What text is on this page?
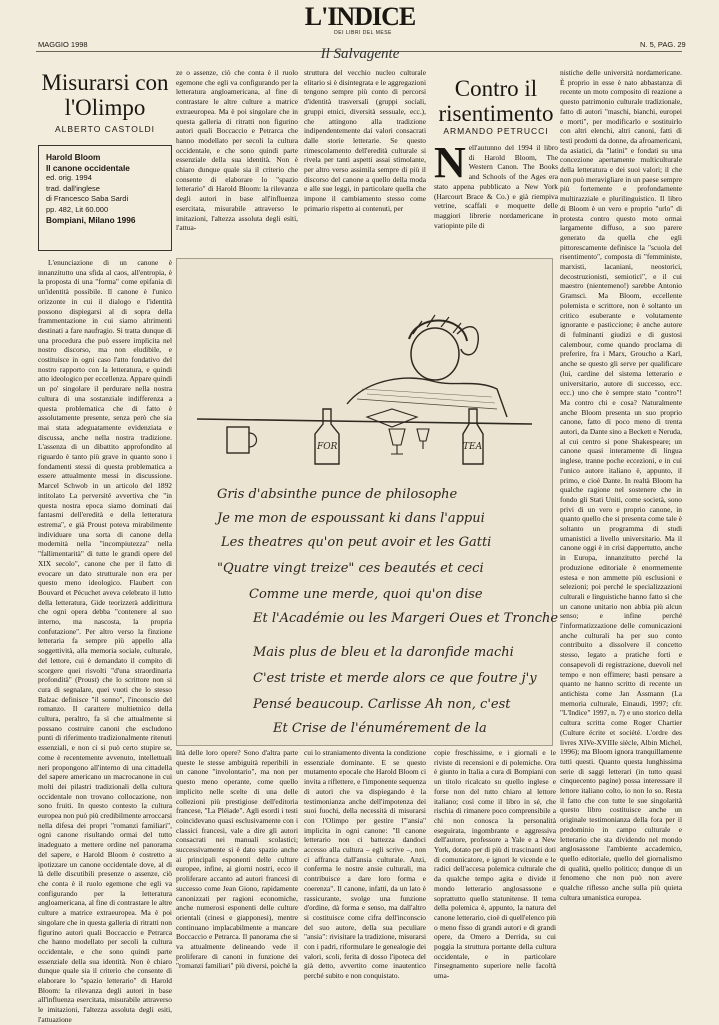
L'INDICE
DEI LIBRI DEL MESE
MAGGIO 1998	N. 5, PAG. 29
Il Salvagente
Misurarsi con l'Olimpo
ALBERTO CASTOLDI
Harold Bloom
Il canone occidentale
ed. orig. 1994
trad. dall'inglese
di Francesco Saba Sardi
pp. 482, Lit 60.000
Bompiani, Milano 1996

L'enunciazione di un canone è innanzitutto una sfida al caos, all'entropia, è la proposta di una "forma" come epifania di un'identità possibile. Il canone è l'unico orizzonte in cui il dialogo e l'identità possono dispiegarsi al di sopra della frammentazione in cui siamo altrimenti destinati a fare naufragio. Si tratta dunque di una procedura che può essere implicita nel nostro discorso, ma non eludibile, e costituisce in ogni caso l'atto fondativo del nostro rapporto con la letteratura, e quindi atto ideologico per eccellenza. Appare quindi un po' singolare il perdurare nella nostra cultura di una sostanziale indifferenza a questa problematica che di fatto è assolutamente presente, senza però che sia mai stata adeguatamente evidenziata e discussa, anche nella nostra tradizione. L'assenza di un dibattito approfondito al riguardo è tanto più grave in quanto sono i fondamenti stessi di questa problematica a essere attualmente messi in discussione. Marcel Schwob in un articolo del 1892 intitolato La perversité avvertiva che "in questa nostra epoca siamo dominati dai fantasmi dell'eredità e della letteratura estrema", e già Proust poteva mirabilmente individuare una sorta di canone della modernità nella "incompiutezza" nella "fallimentarità" di tutte le grandi opere del XIX secolo", canone che per il fatto di evocare un dato strutturale non era per questo meno ideologico. Flaubert con Bouvard et Pécuchet aveva celebrato il lutto della letteratura, Gide teorizzerà addirittura che ogni opera debba "contenere al suo interno, ma nascosta, la propria confutazione". Per altro verso la finzione letteraria fa sempre più appello alla soggettività, alla memoria sociale, culturale, del lettore, cui è demandato il compito di scorgere quei risvolti "d'una straordinaria profondità" (Proust) che lo scrittore non si cura di segnalare, quei vuoti che lo stesso Balzac definisce "il sonno", l'inconscio del romanzo. Il carattere multietnico della cultura, peraltro, fa sì che attualmente si possano costruire canoni che escludono punti di riferimento tradizionalmente ritenuti essenziali, e non ci si può certo stupire se, come è recentemente avvenuto, intellettuali neri propongono all'interno di una cittadella del sapere americano un macrocanone in cui molti dei pilastri tradizionali della cultura occidentale non trovano collocazione, non sono fruiti. In questo contesto la cultura europea non può più credibilmente arroccarsi nella difesa dei propri "romanzi familiari", ogni canone risultando ormai del tutto inadeguato a mettere ordine nel panorama del sapere, e Harold Bloom è costretto a ipotizzare un canone occidentale dove, al di là delle discutibili presenze o assenze, ciò che conta è il ruolo egemone che egli va configurando per la letteratura angloamericana, al fine di contrastare le altre culture a matrice extraeuropea. Ma è poi singolare che in questa galleria di ritratti non figurino autori quali Boccaccio e Petrarca che hanno modellato per secoli la cultura occidentale, e che sono quindi parte essenziale della sua identità. Non è chiaro dunque quale sia il criterio che consente di elaborare lo "spazio letterario" di Harold Bloom: la rilevanza degli autori in base all'influenza esercitata, misurabile attraverso le imitazioni, l'altezza assoluta degli esiti, l'attuazione

ze o assenze, ciò che conta è il ruolo egemone che egli va configurando per la letteratura angloamericana, al fine di contrastare le altre culture a matrice extraeuropea. Ma è poi singolare che in questa galleria di ritratti non figurino autori quali Boccaccio e Petrarca che hanno modellato per secoli la cultura occidentale, e che sono quindi parte essenziale della sua identità. Non è chiaro dunque quale sia il criterio che consente di elaborare lo "spazio letterario" di Harold Bloom: la rilevanza degli autori in base all'influenza esercitata, misurabile attraverso le imitazioni, l'altezza assoluta degli esiti, l'attua-

struttura del vecchio nucleo culturale elitario si è disintegrata e le aggregazioni tengono sempre più conto di percorsi d'identità trasversali (gruppi sociali, gruppi etnici, diversità sessuale, ecc.), che attingono alla tradizione indipendentemente dai valori consacrati dalle storie letterarie. Se questo rimescolamento dell'eredità culturale si rivela per tanti aspetti assai stimolante, per altro verso assimila sempre di più il discorso del canone a quello della moda e alle sue leggi, in particolare quella che impone il cambiamento stesso come primario rispetto ai contenuti, per

Contro il risentimento
ARMANDO PETRUCCI
N ell'autunno del 1994 il libro di Harold Bloom, The Western Canon. The Books and Schools of the Ages era stato appena pubblicato a New York (Harcourt Brace & Co.) e già riempiva vetrine, scaffali e moquette delle maggiori librerie nordamericane in variopinte pile di

nistiche delle università nordamericane. È proprio in esse è nato abbastanza di recente un moto composito di reazione a questo patrimonio culturale tradizionale, fatto di autori "maschi, bianchi, europei e morti", per modificarlo e sostituirlo con altri elenchi, altri canoni, fatti di testi prodotti da donne, da afroamericani, da asiatici, da "latini" e fondati su una concezione apertamente multiculturale della letteratura e dei suoi valori; il che non può meravigliare in un paese sempre più fortemente e profondamente multirazziale e plurilinguistico. Il libro di Bloom è un vero e proprio "urlo" di protesta contro questo moto ormai largamente diffuso, a suo parere generato da quella che egli pittorescamente definisce la "scuola del risentimento", composta di "femministe, marxisti, lacaniani, neostorici, decostruzionisti, semiotici", e il cui maestro (nientemeno!) sarebbe Antonio Gramsci. Ma Bloom, eccellente polemista e scrittore, non è soltanto un critico esuberante e volutamente ignorante e pasticcione; è anche autore di fulminanti giudizi e di gustosi calembour, come quando proclama di preferire, fra i Marx, Groucho a Karl, anche se questo gli serve per qualificare (lui, cardine del sistema letterario e universitario, autore di successo, ecc. ecc.) uno che è sempre stato "contro"! Ma contro chi e cosa? Naturalmente anche Bloom presenta un suo proprio canone, fatto di poco meno di trenta autori, da Dante sino a Beckett e Neruda, al cui centro si pone Shakespeare; un canone quasi interamente di lingua inglese, tranne poche eccezioni, e in cui l'unico autore italiano è, appunto, il primo, e cioè Dante. In realtà Bloom ha qualche ragione nel sostenere che in fondo gli Stati Uniti, come società, sono privi di un vero e proprio canone, in quanto quello che si presenta come tale è soltanto un programma di studi umanistici a livello universitario. Ma il canone oggi è in crisi dappertutto, anche in Europa, innanzitutto perché la produzione editoriale è enormemente estesa e non ammette più esclusioni e selezioni; poi perché le specializzazioni culturali e linguistiche hanno fatto sì che un canone unitario non abbia più alcun senso; e infine perché l'informatizzazione delle comunicazioni anche culturali ha per suo conto contribuito a dissolvere il concetto stesso, legato a pratiche forti e consapevoli di registrazione, duevoli nel tempo e non effimere; basti pensare a quanto ne hanno scritto di recente un antichista come Jan Assmann (La memoria culturale, Einaudi, 1997; cfr. "L'Indice" 1997, n. 7) e uno storico della cultura scritta come Roger Chartier (Culture écrite et société. L'ordre des livres XIVe-XVIIIe siècle, Albin Michel, 1996); ma Bloom ignora tranquillamente tutti questi. Quanto questa lunghissima serie di saggi letterari (in tutto quasi cinquecento pagine) possa interessare il lettore italiano colto, io non lo so. Resta il fatto che con tutte le sue singolarità questo libro costituisce anche un originale testimonianza della fora per il predominio in campo culturale e letterario che sta dividendo nel mondo anglosassone l'ambiente accademico, quello editoriale, quello del giornalismo di qualità, quello politico; dunque di un fenomeno che non può non avere qualche riflesso anche sulla più quieta cultura umanistica europea.

FOR	TEA
Gris d'absinthe punce de philosophe
Je me mon de espoussant ki dans l'appui
Les theatres qu'on peut avoir et les Gatti
"Quatre vingt treize" ces beautés et ceci
Comme une merde, quoi qu'on dise
Et l'Académie ou les Margeri Oues et Tronche
Mais plus de bleu et la daronfide machi
C'est triste et merde alors ce que foutre j'y
Pensé beaucoup. Carlisse Ah non, c'est
Et Crise de l'énumérement de la

lità delle loro opere? Sono d'altra parte queste le stesse ambiguità reperibili in un canone "involontario", ma non per questo meno operante, come quello implicito nelle scelte di una delle collezioni più prestigiose dell'editoria francese, "La Pléiade". Agli esordi i testi coincidevano quasi esclusivamente con i classici francesi, vale a dire gli autori consacrati nei manuali scolastici; successivamente si è dato spazio anche ai principali esponenti delle culture europee, infine, ai giorni nostri, ecco il proliferare accanto ad autori francesi di successo come Jean Giono, rapidamente canonizzati per ragioni economiche, anche numerosi esponenti delle culture orientali (cinesi e giapponesi), mentre continuano implacabilmente a mancare Boccaccio e Petrarca. Il panorama che si va attualmente delineando vede il proliferare di canoni in funzione dei "romanzi familiari" più diversi, poiché la

cui lo straniamento diventa la condizione essenziale dominante. E se questo mutamento epocale che Harold Bloom ci invita a riflettere, e l'imponente sequenza di autori che va dispiegando è la testimonianza anche dell'impotenza dei suoi fuochi, della necessità di misurarsi con l'Olimpo per gestire l'"ansia" implicita in ogni canone: "Il canone letterario non ci battezza dandoci accesso alla cultura – egli scrive –, non ci affranca dall'ansia culturale. Anzi, conferma le nostre ansie culturali, ma contribuisce a dare loro forma e coerenza". Il canone, infatti, da un lato è rassicurante, svolge una funzione d'ordine, dà forma e senso, ma dall'altro si costituisce come cifra dell'inconscio del suo autore, della sua peculiare "ansia": rivisitare la tradizione, misurarsi con i padri, riformulare le genealogie dei valori, scoli, ferita di dosso l'ipoteca del già detto, avvertito come inautentico perché subito e non conquistato.

copie freschissime, e i giornali e le riviste di recensioni e di polemiche. Ora è giunto in Italia a cura di Bompiani con un titolo ricalcato su quello inglese e forse non del tutto chiaro al lettore italiano; così come il libro in sé, che rischia di rimanere poco comprensibile a chi non conosca la personalità eseguirata, ingombrante e aggressiva dell'autore, professore a Yale e a New York, dotato per di più di trascinanti doti di comunicatore, e ignori le vicende e le radici dell'accesa polemica culturale che da qualche tempo agita e divide il mondo letterario anglosassone e soprattutto quello statunitense. Il tema della polemica è, appunto, la natura del canone letterario, cioè di quell'elenco più o meno fisso di grandi autori e di grandi opere, da Omero a Derrida, su cui poggia la struttura portante della cultura occidentale, e in particolare l'insegnamento superiore nelle facoltà uma-
